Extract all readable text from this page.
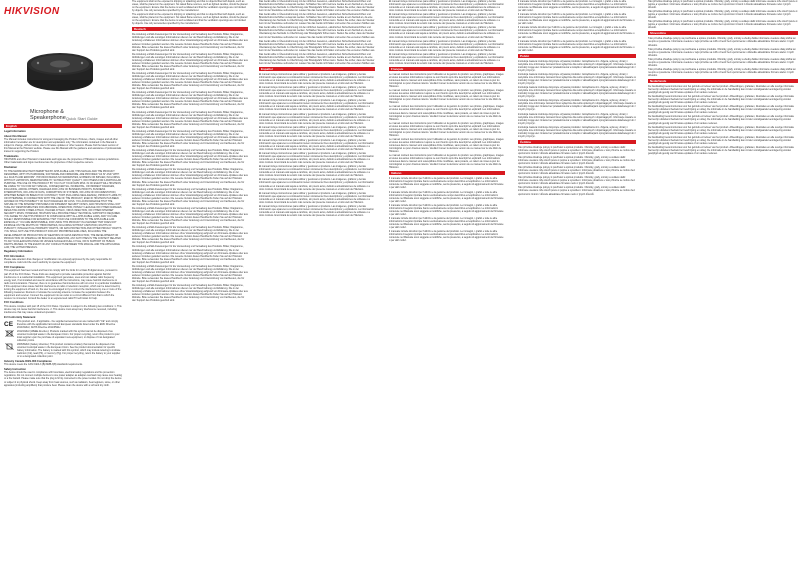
HIKVISION
Microphone & Speakerphone Quick Start Guide
English
Legal Information
About this Manual

The Manual includes instructions for using and managing the Product. Pictures, charts, images and all other information hereinafter are for description and explanation only. The information contained in the Manual is subject to change, without notice, due to firmware updates or other reasons. Please find the latest version of this Manual at the Hikvision website. Please use this Manual with the guidance and assistance of professionals trained in supporting the Product.

Trademarks

HIKVISION and other Hikvision's trademarks and logos are the properties of Hikvision in various jurisdictions. Other trademarks and logos mentioned are the properties of their respective owners.

Disclaimer

TO THE MAXIMUM EXTENT PERMITTED BY APPLICABLE LAW, THIS MANUAL AND THE PRODUCT DESCRIBED, WITH ITS HARDWARE, SOFTWARE AND FIRMWARE, ARE PROVIDED "AS IS" AND "WITH ALL FAULTS AND ERRORS". HIKVISION MAKES NO WARRANTIES, EXPRESS OR IMPLIED, INCLUDING WITHOUT LIMITATION, MERCHANTABILITY, SATISFACTORY QUALITY, OR FITNESS FOR A PARTICULAR PURPOSE. THE USE OF THE PRODUCT BY YOU IS AT YOUR OWN RISK. IN NO EVENT WILL HIKVISION BE LIABLE TO YOU FOR ANY SPECIAL, CONSEQUENTIAL, INCIDENTAL, OR INDIRECT DAMAGES, INCLUDING, AMONG OTHERS, DAMAGES FOR LOSS OF BUSINESS PROFITS, BUSINESS INTERRUPTION, OR LOSS OF DATA, CORRUPTION OF SYSTEMS, OR LOSS OF DOCUMENTATION, WHETHER BASED ON BREACH OF CONTRACT, TORT (INCLUDING NEGLIGENCE), PRODUCT LIABILITY, OR OTHERWISE, IN CONNECTION WITH THE USE OF THE PRODUCT, EVEN IF HIKVISION HAS BEEN ADVISED OF THE POSSIBILITY OF SUCH DAMAGES OR LOSS. YOU ACKNOWLEDGE THAT THE NATURE OF THE INTERNET PROVIDES FOR INHERENT SECURITY RISKS, AND HIKVISION SHALL NOT TAKE ANY RESPONSIBILITIES FOR ABNORMAL OPERATION, PRIVACY LEAKAGE OR OTHER DAMAGES RESULTING FROM CYBER-ATTACK, HACKER ATTACK, VIRUS INFECTION, OR OTHER INTERNET SECURITY RISKS; HOWEVER, HIKVISION WILL PROVIDE TIMELY TECHNICAL SUPPORT IF REQUIRED. YOU AGREE TO USE THIS PRODUCT IN COMPLIANCE WITH ALL APPLICABLE LAWS, AND YOU ARE SOLELY RESPONSIBLE FOR ENSURING THAT YOUR USE CONFORMS TO THE APPLICABLE LAW. ESPECIALLY, YOU ARE RESPONSIBLE, FOR USING THIS PRODUCT IN A MANNER THAT DOES NOT INFRINGE ON THE RIGHTS OF THIRD PARTIES, INCLUDING WITHOUT LIMITATION, RIGHTS OF PUBLICITY, INTELLECTUAL PROPERTY RIGHTS, OR DATA PROTECTION AND OTHER PRIVACY RIGHTS. YOU SHALL NOT USE THIS PRODUCT FOR ANY PROHIBITED END-USES, INCLUDING THE DEVELOPMENT OR PRODUCTION OF WEAPONS OF MASS DESTRUCTION, THE DEVELOPMENT OR PRODUCTION OF CHEMICAL OR BIOLOGICAL WEAPONS, ANY ACTIVITIES IN THE CONTEXT RELATED TO ANY NUCLEAR EXPLOSIVE OR UNSAFE NUCLEAR FUEL-CYCLE, OR IN SUPPORT OF HUMAN RIGHTS ABUSES. IN THE EVENT OF ANY CONFLICTS BETWEEN THIS MANUAL AND THE APPLICABLE LAW, THE LATTER PREVAILS.

Regulatory Information
FCC Information

Please take attention that changes or modification not expressly approved by the party responsible for compliance could void the user's authority to operate the equipment.

FCC Compliance

This equipment has been tested and found to comply with the limits for a Class B digital device, pursuant to part 15 of the FCC Rules. These limits are designed to provide reasonable protection against harmful interference in a residential installation. This equipment generates, uses and can radiate radio frequency energy and, if not installed and used in accordance with the instructions, may cause harmful interference to radio communications. However, there is no guarantee that interference will not occur in a particular installation. If this equipment does cause harmful interference to radio or television reception, which can be determined by turning the equipment off and on, the user is encouraged to try to correct the interference by one or more of the following measures: Reorient or relocate the receiving antenna. Increase the separation between the equipment and receiver. Connect the equipment into an outlet on a circuit different from that to which the receiver is connected. Consult the dealer or an experienced radio/TV technician for help.

FCC Conditions

This device complies with part 15 of the FCC Rules. Operation is subject to the following two conditions: 1. This device may not cause harmful interference. 2. This device must accept any interference received, including interference that may cause undesired operation.

EU Conformity Statement
CE This product and - if applicable - the supplied accessories too are marked with "CE" and comply therefore with the applicable harmonized European standards listed under the EMC Directive 2014/30/EU, RoHS Directive 2011/65/EU.
2012/19/EU (WEEE directive): Products marked with this symbol cannot be disposed of as unsorted municipal waste in the European Union. For proper recycling, return this product to your local supplier upon the purchase of equivalent new equipment, or dispose of it at designated collection points.
2006/66/EC (battery directive): This product contains a battery that cannot be disposed of as unsorted municipal waste in the European Union. See the product documentation for specific battery information. The battery is marked with this symbol, which may include lettering to indicate cadmium (Cd), lead (Pb), or mercury (Hg). For proper recycling, return the battery to your supplier or to a designated collection point.
Industry Canada ICES-003 Compliance

This device meets the CAN ICES-3 (B)/NMB-3(B) standards requirements.

Safety Instruction

The device should be used in compliance with local laws, electrical safety regulations and fire prevention regulations. Do not connect multiple devices to one power adapter as adapter overload may cause over-heating or a fire hazard. Please make sure that the plug is firmly connected to the power socket. Do not drop the device or subject it to physical shock. Keep away from heat sources, such as radiators, heat registers, stove, or other apparatus (including amplifiers) that produce heat. Please clean the device with a soft and dry cloth.

The equipment shall not be exposed to dripping or splashing and that no objects filled with liquids, such as vases, shall be placed on the equipment. No naked flame sources, such as lighted candles, should be placed on the equipment. Ensure that the device is well ventilated and that the ventilation openings are not blocked by objects. Use only accessories specified by the manufacturer.

The equipment shall not be exposed to dripping or splashing and that no objects filled with liquids, such as vases, shall be placed on the equipment. No naked flame sources, such as lighted candles, should be placed on the equipment. Ensure that the device is well ventilated and that the ventilation openings are not blocked by objects. Use only accessories specified by the manufacturer.

Deutsch

Die Anleitung enthält Anweisungen für die Verwendung und Verwaltung des Produkts. Bilder, Diagramme, Abbildungen und alle sonstigen Informationen dienen nur der Beschreibung und Erklärung. Die in der Anleitung enthaltenen Informationen können ohne Vorankündigung aufgrund von Firmware-Updates oder aus anderen Gründen geändert werden. Die neueste Version dieses Handbuchs finden Sie auf der Hikvision Website. Bitte verwenden Sie dieses Handbuch unter Anleitung und Unterstützung von Fachleuten, die für den Support des Produkts geschult sind.

Die Anleitung enthält Anweisungen für die Verwendung und Verwaltung des Produkts. Bilder, Diagramme, Abbildungen und alle sonstigen Informationen dienen nur der Beschreibung und Erklärung. Die in der Anleitung enthaltenen Informationen können ohne Vorankündigung aufgrund von Firmware-Updates oder aus anderen Gründen geändert werden. Die neueste Version dieses Handbuchs finden Sie auf der Hikvision Website. Bitte verwenden Sie dieses Handbuch unter Anleitung und Unterstützung von Fachleuten, die für den Support des Produkts geschult sind.

Die Anleitung enthält Anweisungen für die Verwendung und Verwaltung des Produkts. Bilder, Diagramme, Abbildungen und alle sonstigen Informationen dienen nur der Beschreibung und Erklärung. Die in der Anleitung enthaltenen Informationen können ohne Vorankündigung aufgrund von Firmware-Updates oder aus anderen Gründen geändert werden. Die neueste Version dieses Handbuchs finden Sie auf der Hikvision Website. Bitte verwenden Sie dieses Handbuch unter Anleitung und Unterstützung von Fachleuten, die für den Support des Produkts geschult sind.

Die Anleitung enthält Anweisungen für die Verwendung und Verwaltung des Produkts. Bilder, Diagramme, Abbildungen und alle sonstigen Informationen dienen nur der Beschreibung und Erklärung. Die in der Anleitung enthaltenen Informationen können ohne Vorankündigung aufgrund von Firmware-Updates oder aus anderen Gründen geändert werden. Die neueste Version dieses Handbuchs finden Sie auf der Hikvision Website. Bitte verwenden Sie dieses Handbuch unter Anleitung und Unterstützung von Fachleuten, die für den Support des Produkts geschult sind.

Die Anleitung enthält Anweisungen für die Verwendung und Verwaltung des Produkts. Bilder, Diagramme, Abbildungen und alle sonstigen Informationen dienen nur der Beschreibung und Erklärung. Die in der Anleitung enthaltenen Informationen können ohne Vorankündigung aufgrund von Firmware-Updates oder aus anderen Gründen geändert werden. Die neueste Version dieses Handbuchs finden Sie auf der Hikvision Website. Bitte verwenden Sie dieses Handbuch unter Anleitung und Unterstützung von Fachleuten, die für den Support des Produkts geschult sind.

Die Anleitung enthält Anweisungen für die Verwendung und Verwaltung des Produkts. Bilder, Diagramme, Abbildungen und alle sonstigen Informationen dienen nur der Beschreibung und Erklärung. Die in der Anleitung enthaltenen Informationen können ohne Vorankündigung aufgrund von Firmware-Updates oder aus anderen Gründen geändert werden. Die neueste Version dieses Handbuchs finden Sie auf der Hikvision Website. Bitte verwenden Sie dieses Handbuch unter Anleitung und Unterstützung von Fachleuten, die für den Support des Produkts geschult sind.

Die Anleitung enthält Anweisungen für die Verwendung und Verwaltung des Produkts. Bilder, Diagramme, Abbildungen und alle sonstigen Informationen dienen nur der Beschreibung und Erklärung. Die in der Anleitung enthaltenen Informationen können ohne Vorankündigung aufgrund von Firmware-Updates oder aus anderen Gründen geändert werden. Die neueste Version dieses Handbuchs finden Sie auf der Hikvision Website. Bitte verwenden Sie dieses Handbuch unter Anleitung und Unterstützung von Fachleuten, die für den Support des Produkts geschult sind.

Die Anleitung enthält Anweisungen für die Verwendung und Verwaltung des Produkts. Bilder, Diagramme, Abbildungen und alle sonstigen Informationen dienen nur der Beschreibung und Erklärung. Die in der Anleitung enthaltenen Informationen können ohne Vorankündigung aufgrund von Firmware-Updates oder aus anderen Gründen geändert werden. Die neueste Version dieses Handbuchs finden Sie auf der Hikvision Website. Bitte verwenden Sie dieses Handbuch unter Anleitung und Unterstützung von Fachleuten, die für den Support des Produkts geschult sind.

Die Anleitung enthält Anweisungen für die Verwendung und Verwaltung des Produkts. Bilder, Diagramme, Abbildungen und alle sonstigen Informationen dienen nur der Beschreibung und Erklärung. Die in der Anleitung enthaltenen Informationen können ohne Vorankündigung aufgrund von Firmware-Updates oder aus anderen Gründen geändert werden. Die neueste Version dieses Handbuchs finden Sie auf der Hikvision Website. Bitte verwenden Sie dieses Handbuch unter Anleitung und Unterstützung von Fachleuten, die für den Support des Produkts geschult sind.

Die Anleitung enthält Anweisungen für die Verwendung und Verwaltung des Produkts. Bilder, Diagramme, Abbildungen und alle sonstigen Informationen dienen nur der Beschreibung und Erklärung. Die in der Anleitung enthaltenen Informationen können ohne Vorankündigung aufgrund von Firmware-Updates oder aus anderen Gründen geändert werden. Die neueste Version dieses Handbuchs finden Sie auf der Hikvision Website. Bitte verwenden Sie dieses Handbuch unter Anleitung und Unterstützung von Fachleuten, die für den Support des Produkts geschult sind.

Die Anleitung enthält Anweisungen für die Verwendung und Verwaltung des Produkts. Bilder, Diagramme, Abbildungen und alle sonstigen Informationen dienen nur der Beschreibung und Erklärung. Die in der Anleitung enthaltenen Informationen können ohne Vorankündigung aufgrund von Firmware-Updates oder aus anderen Gründen geändert werden. Die neueste Version dieses Handbuchs finden Sie auf der Hikvision Website. Bitte verwenden Sie dieses Handbuch unter Anleitung und Unterstützung von Fachleuten, die für den Support des Produkts geschult sind.

Die Anleitung enthält Anweisungen für die Verwendung und Verwaltung des Produkts. Bilder, Diagramme, Abbildungen und alle sonstigen Informationen dienen nur der Beschreibung und Erklärung. Die in der Anleitung enthaltenen Informationen können ohne Vorankündigung aufgrund von Firmware-Updates oder aus anderen Gründen geändert werden. Die neueste Version dieses Handbuchs finden Sie auf der Hikvision Website. Bitte verwenden Sie dieses Handbuch unter Anleitung und Unterstützung von Fachleuten, die für den Support des Produkts geschult sind.

Die Anleitung enthält Anweisungen für die Verwendung und Verwaltung des Produkts. Bilder, Diagramme, Abbildungen und alle sonstigen Informationen dienen nur der Beschreibung und Erklärung. Die in der Anleitung enthaltenen Informationen können ohne Vorankündigung aufgrund von Firmware-Updates oder aus anderen Gründen geändert werden. Die neueste Version dieses Handbuchs finden Sie auf der Hikvision Website. Bitte verwenden Sie dieses Handbuch unter Anleitung und Unterstützung von Fachleuten, die für den Support des Produkts geschult sind.

Die Anleitung enthält Anweisungen für die Verwendung und Verwaltung des Produkts. Bilder, Diagramme, Abbildungen und alle sonstigen Informationen dienen nur der Beschreibung und Erklärung. Die in der Anleitung enthaltenen Informationen können ohne Vorankündigung aufgrund von Firmware-Updates oder aus anderen Gründen geändert werden. Die neueste Version dieses Handbuchs finden Sie auf der Hikvision Website. Bitte verwenden Sie dieses Handbuch unter Anleitung und Unterstützung von Fachleuten, die für den Support des Produkts geschult sind.

Das Gerät sollte in Übereinstimmung mit den örtlichen Gesetzen, elektrischen Sicherheitsvorschriften und Brandschutzvorschriften verwendet werden. Schließen Sie nicht mehrere Geräte an ein Netzteil an, da eine Überlastung des Netzteils zu Überhitzung oder Brandgefahr führen kann. Stellen Sie sicher, dass der Stecker fest mit der Steckdose verbunden ist. Lassen Sie das Gerät nicht fallen und setzen Sie es keinen Stößen aus.

Das Gerät sollte in Übereinstimmung mit den örtlichen Gesetzen, elektrischen Sicherheitsvorschriften und Brandschutzvorschriften verwendet werden. Schließen Sie nicht mehrere Geräte an ein Netzteil an, da eine Überlastung des Netzteils zu Überhitzung oder Brandgefahr führen kann. Stellen Sie sicher, dass der Stecker fest mit der Steckdose verbunden ist. Lassen Sie das Gerät nicht fallen und setzen Sie es keinen Stößen aus.

Das Gerät sollte in Übereinstimmung mit den örtlichen Gesetzen, elektrischen Sicherheitsvorschriften und Brandschutzvorschriften verwendet werden. Schließen Sie nicht mehrere Geräte an ein Netzteil an, da eine Überlastung des Netzteils zu Überhitzung oder Brandgefahr führen kann. Stellen Sie sicher, dass der Stecker fest mit der Steckdose verbunden ist. Lassen Sie das Gerät nicht fallen und setzen Sie es keinen Stößen aus.

Das Gerät sollte in Übereinstimmung mit den örtlichen Gesetzen, elektrischen Sicherheitsvorschriften und Brandschutzvorschriften verwendet werden. Schließen Sie nicht mehrere Geräte an ein Netzteil an, da eine Überlastung des Netzteils zu Überhitzung oder Brandgefahr führen kann. Stellen Sie sicher, dass der Stecker fest mit der Steckdose verbunden ist. Lassen Sie das Gerät nicht fallen und setzen Sie es keinen Stößen aus.

Das Gerät sollte in Übereinstimmung mit den örtlichen Gesetzen, elektrischen Sicherheitsvorschriften und Brandschutzvorschriften verwendet werden. Schließen Sie nicht mehrere Geräte an ein Netzteil an, da eine Überlastung des Netzteils zu Überhitzung oder Brandgefahr führen kann. Stellen Sie sicher, dass der Stecker fest mit der Steckdose verbunden ist. Lassen Sie das Gerät nicht fallen und setzen Sie es keinen Stößen aus.

Español

El manual incluye instrucciones para utilizar y gestionar el producto. Las imágenes, gráficos y demás información que aparecen a continuación tienen únicamente fines descriptivos y explicativos. La información contenida en el manual está sujeta a cambios, sin previo aviso, debido a actualizaciones de software o a otros motivos. Encontrará la versión más reciente del presente manual en el sitio web de Hikvision.

El manual incluye instrucciones para utilizar y gestionar el producto. Las imágenes, gráficos y demás información que aparecen a continuación tienen únicamente fines descriptivos y explicativos. La información contenida en el manual está sujeta a cambios, sin previo aviso, debido a actualizaciones de software o a otros motivos. Encontrará la versión más reciente del presente manual en el sitio web de Hikvision.

El manual incluye instrucciones para utilizar y gestionar el producto. Las imágenes, gráficos y demás información que aparecen a continuación tienen únicamente fines descriptivos y explicativos. La información contenida en el manual está sujeta a cambios, sin previo aviso, debido a actualizaciones de software o a otros motivos. Encontrará la versión más reciente del presente manual en el sitio web de Hikvision.

El manual incluye instrucciones para utilizar y gestionar el producto. Las imágenes, gráficos y demás información que aparecen a continuación tienen únicamente fines descriptivos y explicativos. La información contenida en el manual está sujeta a cambios, sin previo aviso, debido a actualizaciones de software o a otros motivos. Encontrará la versión más reciente del presente manual en el sitio web de Hikvision.

El manual incluye instrucciones para utilizar y gestionar el producto. Las imágenes, gráficos y demás información que aparecen a continuación tienen únicamente fines descriptivos y explicativos. La información contenida en el manual está sujeta a cambios, sin previo aviso, debido a actualizaciones de software o a otros motivos. Encontrará la versión más reciente del presente manual en el sitio web de Hikvision.

El manual incluye instrucciones para utilizar y gestionar el producto. Las imágenes, gráficos y demás información que aparecen a continuación tienen únicamente fines descriptivos y explicativos. La información contenida en el manual está sujeta a cambios, sin previo aviso, debido a actualizaciones de software o a otros motivos. Encontrará la versión más reciente del presente manual en el sitio web de Hikvision.

El manual incluye instrucciones para utilizar y gestionar el producto. Las imágenes, gráficos y demás información que aparecen a continuación tienen únicamente fines descriptivos y explicativos. La información contenida en el manual está sujeta a cambios, sin previo aviso, debido a actualizaciones de software o a otros motivos. Encontrará la versión más reciente del presente manual en el sitio web de Hikvision.

El manual incluye instrucciones para utilizar y gestionar el producto. Las imágenes, gráficos y demás información que aparecen a continuación tienen únicamente fines descriptivos y explicativos. La información contenida en el manual está sujeta a cambios, sin previo aviso, debido a actualizaciones de software o a otros motivos. Encontrará la versión más reciente del presente manual en el sitio web de Hikvision.

El manual incluye instrucciones para utilizar y gestionar el producto. Las imágenes, gráficos y demás información que aparecen a continuación tienen únicamente fines descriptivos y explicativos. La información contenida en el manual está sujeta a cambios, sin previo aviso, debido a actualizaciones de software o a otros motivos. Encontrará la versión más reciente del presente manual en el sitio web de Hikvision.

El manual incluye instrucciones para utilizar y gestionar el producto. Las imágenes, gráficos y demás información que aparecen a continuación tienen únicamente fines descriptivos y explicativos. La información contenida en el manual está sujeta a cambios, sin previo aviso, debido a actualizaciones de software o a otros motivos. Encontrará la versión más reciente del presente manual en el sitio web de Hikvision.

El manual incluye instrucciones para utilizar y gestionar el producto. Las imágenes, gráficos y demás información que aparecen a continuación tienen únicamente fines descriptivos y explicativos. La información contenida en el manual está sujeta a cambios, sin previo aviso, debido a actualizaciones de software o a otros motivos. Encontrará la versión más reciente del presente manual en el sitio web de Hikvision.

El manual incluye instrucciones para utilizar y gestionar el producto. Las imágenes, gráficos y demás información que aparecen a continuación tienen únicamente fines descriptivos y explicativos. La información contenida en el manual está sujeta a cambios, sin previo aviso, debido a actualizaciones de software o a otros motivos. Encontrará la versión más reciente del presente manual en el sitio web de Hikvision.

El manual incluye instrucciones para utilizar y gestionar el producto. Las imágenes, gráficos y demás información que aparecen a continuación tienen únicamente fines descriptivos y explicativos. La información contenida en el manual está sujeta a cambios, sin previo aviso, debido a actualizaciones de software o a otros motivos. Encontrará la versión más reciente del presente manual en el sitio web de Hikvision.

El manual incluye instrucciones para utilizar y gestionar el producto. Las imágenes, gráficos y demás información que aparecen a continuación tienen únicamente fines descriptivos y explicativos. La información contenida en el manual está sujeta a cambios, sin previo aviso, debido a actualizaciones de software o a otros motivos. Encontrará la versión más reciente del presente manual en el sitio web de Hikvision.

El manual incluye instrucciones para utilizar y gestionar el producto. Las imágenes, gráficos y demás información que aparecen a continuación tienen únicamente fines descriptivos y explicativos. La información contenida en el manual está sujeta a cambios, sin previo aviso, debido a actualizaciones de software o a otros motivos. Encontrará la versión más reciente del presente manual en el sitio web de Hikvision.

El manual incluye instrucciones para utilizar y gestionar el producto. Las imágenes, gráficos y demás información que aparecen a continuación tienen únicamente fines descriptivos y explicativos. La información contenida en el manual está sujeta a cambios, sin previo aviso, debido a actualizaciones de software o a otros motivos. Encontrará la versión más reciente del presente manual en el sitio web de Hikvision.

Français

Le manuel contient des instructions pour l'utilisation et la gestion du produit. Les photos, graphiques, images et toutes les autres informations ci-après ne sont fournis qu'à titre descriptif et explicatif. Les informations contenues dans le manuel sont susceptibles d'être modifiées, sans préavis, en raison de mises à jour du micrologiciel ou pour d'autres raisons. Veuillez trouver la dernière version de ce manuel sur le site Web de Hikvision.

Le manuel contient des instructions pour l'utilisation et la gestion du produit. Les photos, graphiques, images et toutes les autres informations ci-après ne sont fournis qu'à titre descriptif et explicatif. Les informations contenues dans le manuel sont susceptibles d'être modifiées, sans préavis, en raison de mises à jour du micrologiciel ou pour d'autres raisons. Veuillez trouver la dernière version de ce manuel sur le site Web de Hikvision.

Le manuel contient des instructions pour l'utilisation et la gestion du produit. Les photos, graphiques, images et toutes les autres informations ci-après ne sont fournis qu'à titre descriptif et explicatif. Les informations contenues dans le manuel sont susceptibles d'être modifiées, sans préavis, en raison de mises à jour du micrologiciel ou pour d'autres raisons. Veuillez trouver la dernière version de ce manuel sur le site Web de Hikvision.

Le manuel contient des instructions pour l'utilisation et la gestion du produit. Les photos, graphiques, images et toutes les autres informations ci-après ne sont fournis qu'à titre descriptif et explicatif. Les informations contenues dans le manuel sont susceptibles d'être modifiées, sans préavis, en raison de mises à jour du micrologiciel ou pour d'autres raisons. Veuillez trouver la dernière version de ce manuel sur le site Web de Hikvision.

Le manuel contient des instructions pour l'utilisation et la gestion du produit. Les photos, graphiques, images et toutes les autres informations ci-après ne sont fournis qu'à titre descriptif et explicatif. Les informations contenues dans le manuel sont susceptibles d'être modifiées, sans préavis, en raison de mises à jour du micrologiciel ou pour d'autres raisons. Veuillez trouver la dernière version de ce manuel sur le site Web de Hikvision.

Le manuel contient des instructions pour l'utilisation et la gestion du produit. Les photos, graphiques, images et toutes les autres informations ci-après ne sont fournis qu'à titre descriptif et explicatif. Les informations contenues dans le manuel sont susceptibles d'être modifiées, sans préavis, en raison de mises à jour du micrologiciel ou pour d'autres raisons. Veuillez trouver la dernière version de ce manuel sur le site Web de Hikvision.

Italiano

Il manuale include istruzioni per l'utilizzo e la gestione del prodotto. Le immagini, i grafici e tutte le altre informazioni di seguito riportate hanno esclusivamente scopo descrittivo ed esplicativo. Le informazioni contenute nel Manuale sono soggette a modifiche, senza preavviso, a seguito di aggiornamenti del firmware o per altri motivi.

Il manuale include istruzioni per l'utilizzo e la gestione del prodotto. Le immagini, i grafici e tutte le altre informazioni di seguito riportate hanno esclusivamente scopo descrittivo ed esplicativo. Le informazioni contenute nel Manuale sono soggette a modifiche, senza preavviso, a seguito di aggiornamenti del firmware o per altri motivi.

Il manuale include istruzioni per l'utilizzo e la gestione del prodotto. Le immagini, i grafici e tutte le altre informazioni di seguito riportate hanno esclusivamente scopo descrittivo ed esplicativo. Le informazioni contenute nel Manuale sono soggette a modifiche, senza preavviso, a seguito di aggiornamenti del firmware o per altri motivi.

Il manuale include istruzioni per l'utilizzo e la gestione del prodotto. Le immagini, i grafici e tutte le altre informazioni di seguito riportate hanno esclusivamente scopo descrittivo ed esplicativo. Le informazioni contenute nel Manuale sono soggette a modifiche, senza preavviso, a seguito di aggiornamenti del firmware o per altri motivi.

Il manuale include istruzioni per l'utilizzo e la gestione del prodotto. Le immagini, i grafici e tutte le altre informazioni di seguito riportate hanno esclusivamente scopo descrittivo ed esplicativo. Le informazioni contenute nel Manuale sono soggette a modifiche, senza preavviso, a seguito di aggiornamenti del firmware o per altri motivi.

Il manuale include istruzioni per l'utilizzo e la gestione del prodotto. Le immagini, i grafici e tutte le altre informazioni di seguito riportate hanno esclusivamente scopo descrittivo ed esplicativo. Le informazioni contenute nel Manuale sono soggette a modifiche, senza preavviso, a seguito di aggiornamenti del firmware o per altri motivi.

Il manuale include istruzioni per l'utilizzo e la gestione del prodotto. Le immagini, i grafici e tutte le altre informazioni di seguito riportate hanno esclusivamente scopo descrittivo ed esplicativo. Le informazioni contenute nel Manuale sono soggette a modifiche, senza preavviso, a seguito di aggiornamenti del firmware o per altri motivi.

Il manuale include istruzioni per l'utilizzo e la gestione del prodotto. Le immagini, i grafici e tutte le altre informazioni di seguito riportate hanno esclusivamente scopo descrittivo ed esplicativo. Le informazioni contenute nel Manuale sono soggette a modifiche, senza preavviso, a seguito di aggiornamenti del firmware o per altri motivi.

Il manuale include istruzioni per l'utilizzo e la gestione del prodotto. Le immagini, i grafici e tutte le altre informazioni di seguito riportate hanno esclusivamente scopo descrittivo ed esplicativo. Le informazioni contenute nel Manuale sono soggette a modifiche, senza preavviso, a seguito di aggiornamenti del firmware o per altri motivi.

Polski

Instrukcja zawiera instrukcje dotyczące używania produktu i zarządzania nim. Zdjęcia, wykresy, obrazy i wszystkie inne informacje zamieszczono wyłącznie dla celów opisowych i objaśniających. Informacje zawarte w instrukcji mogą ulec zmianie bez powiadomienia w związku z aktualizacjami oprogramowania układowego lub z innych przyczyn.

Instrukcja zawiera instrukcje dotyczące używania produktu i zarządzania nim. Zdjęcia, wykresy, obrazy i wszystkie inne informacje zamieszczono wyłącznie dla celów opisowych i objaśniających. Informacje zawarte w instrukcji mogą ulec zmianie bez powiadomienia w związku z aktualizacjami oprogramowania układowego lub z innych przyczyn.

Instrukcja zawiera instrukcje dotyczące używania produktu i zarządzania nim. Zdjęcia, wykresy, obrazy i wszystkie inne informacje zamieszczono wyłącznie dla celów opisowych i objaśniających. Informacje zawarte w instrukcji mogą ulec zmianie bez powiadomienia w związku z aktualizacjami oprogramowania układowego lub z innych przyczyn.

Instrukcja zawiera instrukcje dotyczące używania produktu i zarządzania nim. Zdjęcia, wykresy, obrazy i wszystkie inne informacje zamieszczono wyłącznie dla celów opisowych i objaśniających. Informacje zawarte w instrukcji mogą ulec zmianie bez powiadomienia w związku z aktualizacjami oprogramowania układowego lub z innych przyczyn.

Instrukcja zawiera instrukcje dotyczące używania produktu i zarządzania nim. Zdjęcia, wykresy, obrazy i wszystkie inne informacje zamieszczono wyłącznie dla celów opisowych i objaśniających. Informacje zawarte w instrukcji mogą ulec zmianie bez powiadomienia w związku z aktualizacjami oprogramowania układowego lub z innych przyczyn.

Instrukcja zawiera instrukcje dotyczące używania produktu i zarządzania nim. Zdjęcia, wykresy, obrazy i wszystkie inne informacje zamieszczono wyłącznie dla celów opisowych i objaśniających. Informacje zawarte w instrukcji mogą ulec zmianie bez powiadomienia w związku z aktualizacjami oprogramowania układowego lub z innych przyczyn.

Čeština

Tato příručka obsahuje pokyny k používání a správě produktu. Obrázky, grafy, snímky a veškeré další informace uvedené níže slouží pouze k popisu a vysvětlení. Informace obsažené v této příručce se mohou bez upozornění změnit z důvodu aktualizace firmwaru nebo z jiných důvodů.

Tato příručka obsahuje pokyny k používání a správě produktu. Obrázky, grafy, snímky a veškeré další informace uvedené níže slouží pouze k popisu a vysvětlení. Informace obsažené v této příručce se mohou bez upozornění změnit z důvodu aktualizace firmwaru nebo z jiných důvodů.

Tato příručka obsahuje pokyny k používání a správě produktu. Obrázky, grafy, snímky a veškeré další informace uvedené níže slouží pouze k popisu a vysvětlení. Informace obsažené v této příručce se mohou bez upozornění změnit z důvodu aktualizace firmwaru nebo z jiných důvodů.

Tato příručka obsahuje pokyny k používání a správě produktu. Obrázky, grafy, snímky a veškeré další informace uvedené níže slouží pouze k popisu a vysvětlení. Informace obsažené v této příručce se mohou bez upozornění změnit z důvodu aktualizace firmwaru nebo z jiných důvodů.

Tato příručka obsahuje pokyny k používání a správě produktu. Obrázky, grafy, snímky a veškeré další informace uvedené níže slouží pouze k popisu a vysvětlení. Informace obsažené v této příručce se mohou bez upozornění změnit z důvodu aktualizace firmwaru nebo z jiných důvodů.

Tato příručka obsahuje pokyny k používání a správě produktu. Obrázky, grafy, snímky a veškeré další informace uvedené níže slouží pouze k popisu a vysvětlení. Informace obsažené v této příručce se mohou bez upozornění změnit z důvodu aktualizace firmwaru nebo z jiných důvodů.

Tato příručka obsahuje pokyny k používání a správě produktu. Obrázky, grafy, snímky a veškeré další informace uvedené níže slouží pouze k popisu a vysvětlení. Informace obsažené v této příručce se mohou bez upozornění změnit z důvodu aktualizace firmwaru nebo z jiných důvodů.

Tato příručka obsahuje pokyny k používání a správě produktu. Obrázky, grafy, snímky a veškeré další informace uvedené níže slouží pouze k popisu a vysvětlení. Informace obsažené v této příručce se mohou bez upozornění změnit z důvodu aktualizace firmwaru nebo z jiných důvodů.

Slovenčina

Táto príručka obsahuje pokyny na používanie a správu produktu. Obrázky, grafy, snímky a všetky ďalšie informácie uvedené ďalej slúžia len na opis a vysvetlenie. Informácie uvedené v tejto príručke sa môžu zmeniť bez upozornenia v dôsledku aktualizácie firmvéru alebo z iných dôvodov.

Táto príručka obsahuje pokyny na používanie a správu produktu. Obrázky, grafy, snímky a všetky ďalšie informácie uvedené ďalej slúžia len na opis a vysvetlenie. Informácie uvedené v tejto príručke sa môžu zmeniť bez upozornenia v dôsledku aktualizácie firmvéru alebo z iných dôvodov.

Táto príručka obsahuje pokyny na používanie a správu produktu. Obrázky, grafy, snímky a všetky ďalšie informácie uvedené ďalej slúžia len na opis a vysvetlenie. Informácie uvedené v tejto príručke sa môžu zmeniť bez upozornenia v dôsledku aktualizácie firmvéru alebo z iných dôvodov.

Táto príručka obsahuje pokyny na používanie a správu produktu. Obrázky, grafy, snímky a všetky ďalšie informácie uvedené ďalej slúžia len na opis a vysvetlenie. Informácie uvedené v tejto príručke sa môžu zmeniť bez upozornenia v dôsledku aktualizácie firmvéru alebo z iných dôvodov.

Nederlands

De handleiding bevat instructies voor het gebruik en beheer van het product. Afbeeldingen, grafieken, illustraties en alle overige informatie hierna zijn uitsluitend bedoeld ter beschrijving en uitleg. De informatie in de handleiding kan zonder voorafgaande kennisgeving worden gewijzigd als gevolg van firmware-updates of om andere redenen.

De handleiding bevat instructies voor het gebruik en beheer van het product. Afbeeldingen, grafieken, illustraties en alle overige informatie hierna zijn uitsluitend bedoeld ter beschrijving en uitleg. De informatie in de handleiding kan zonder voorafgaande kennisgeving worden gewijzigd als gevolg van firmware-updates of om andere redenen.

De handleiding bevat instructies voor het gebruik en beheer van het product. Afbeeldingen, grafieken, illustraties en alle overige informatie hierna zijn uitsluitend bedoeld ter beschrijving en uitleg. De informatie in de handleiding kan zonder voorafgaande kennisgeving worden gewijzigd als gevolg van firmware-updates of om andere redenen.

De handleiding bevat instructies voor het gebruik en beheer van het product. Afbeeldingen, grafieken, illustraties en alle overige informatie hierna zijn uitsluitend bedoeld ter beschrijving en uitleg. De informatie in de handleiding kan zonder voorafgaande kennisgeving worden gewijzigd als gevolg van firmware-updates of om andere redenen.

De handleiding bevat instructies voor het gebruik en beheer van het product. Afbeeldingen, grafieken, illustraties en alle overige informatie hierna zijn uitsluitend bedoeld ter beschrijving en uitleg. De informatie in de handleiding kan zonder voorafgaande kennisgeving worden gewijzigd als gevolg van firmware-updates of om andere redenen.

De handleiding bevat instructies voor het gebruik en beheer van het product. Afbeeldingen, grafieken, illustraties en alle overige informatie hierna zijn uitsluitend bedoeld ter beschrijving en uitleg. De informatie in de handleiding kan zonder voorafgaande kennisgeving worden gewijzigd als gevolg van firmware-updates of om andere redenen.

De handleiding bevat instructies voor het gebruik en beheer van het product. Afbeeldingen, grafieken, illustraties en alle overige informatie hierna zijn uitsluitend bedoeld ter beschrijving en uitleg. De informatie in de handleiding kan zonder voorafgaande kennisgeving worden gewijzigd als gevolg van firmware-updates of om andere redenen.
